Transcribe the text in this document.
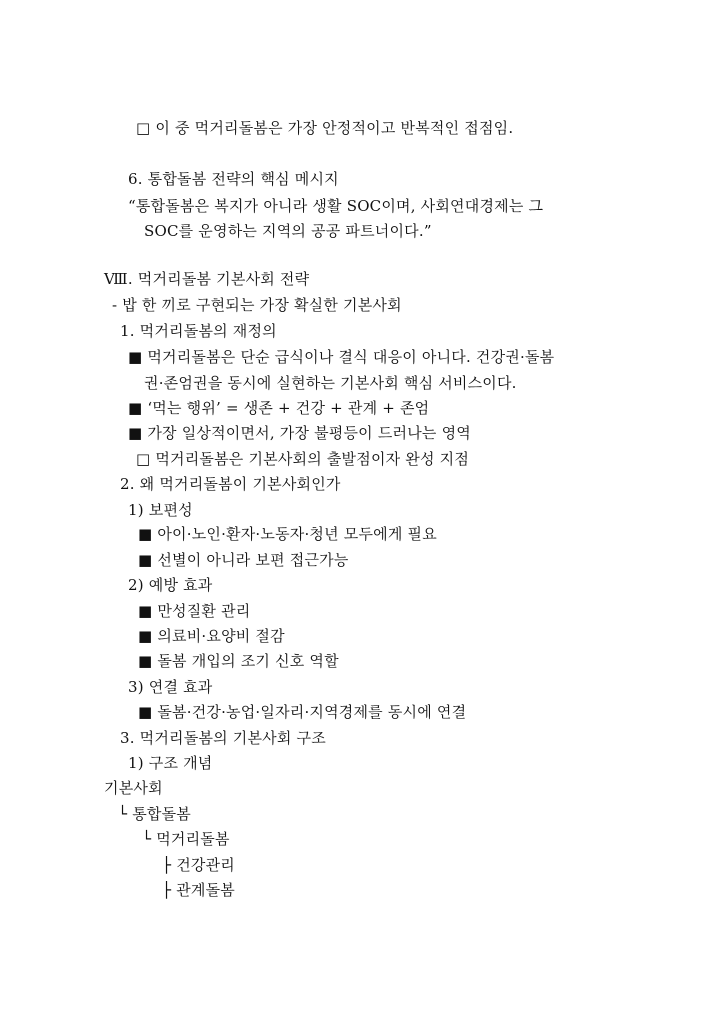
□ 이 중 먹거리돌봄은 가장 안정적이고 반복적인 접점임.
6. 통합돌봄 전략의 핵심 메시지
“통합돌봄은 복지가 아니라 생활 SOC이며, 사회연대경제는 그
SOC를 운영하는 지역의 공공 파트너이다.”
Ⅷ. 먹거리돌봄 기본사회 전략
- 밥 한 끼로 구현되는 가장 확실한 기본사회
1. 먹거리돌봄의 재정의
■ 먹거리돌봄은 단순 급식이나 결식 대응이 아니다. 건강권·돌봄
권·존엄권을 동시에 실현하는 기본사회 핵심 서비스이다.
■ ‘먹는 행위’ = 생존 + 건강 + 관계 + 존엄
■ 가장 일상적이면서, 가장 불평등이 드러나는 영역
□ 먹거리돌봄은 기본사회의 출발점이자 완성 지점
2. 왜 먹거리돌봄이 기본사회인가
1) 보편성
■ 아이·노인·환자·노동자·청년 모두에게 필요
■ 선별이 아니라 보편 접근가능
2) 예방 효과
■ 만성질환 관리
■ 의료비·요양비 절감
■ 돌봄 개입의 조기 신호 역할
3) 연결 효과
■ 돌봄·건강·농업·일자리·지역경제를 동시에 연결
3. 먹거리돌봄의 기본사회 구조
1) 구조 개념
기본사회
└ 통합돌봄
└ 먹거리돌봄
├ 건강관리
├ 관계돌봄
